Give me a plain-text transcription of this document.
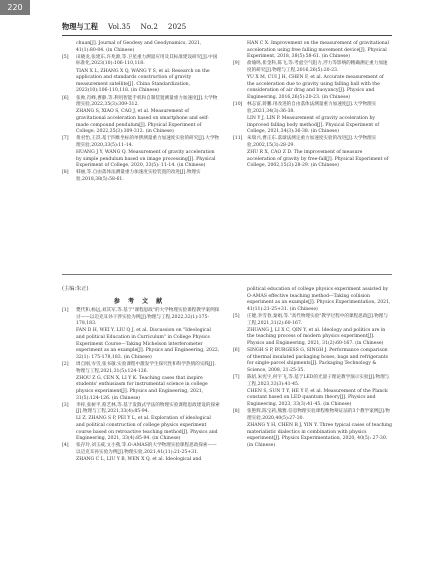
220
物理与工程 Vol.35 No.2 2025
chuan[J]. Journal of Geodesy and Geodynamics, 2021, 41(1):80-84. (in Chinese)
[5]	田晓龙,张建东,许兆源,等.卫星重力测量应用及其标准建设研究[J].中国标准化,2023(10):106-110,118.
TIAN X L, ZHANG X Q, WANG Y S, et al. Research on the application and standards construction of gravity measurement satellite[J]. China Standardization, 2023(10):106-110,118. (in Chinese)
[6]	张帅,肖峰,曹静,等.利用智能手机和自制装置测量重力加速度[J].大学物理实验,2022,35(3):309-312.
ZHANG S, XIAO S, CAO J, et al. Measurement of gravitational acceleration based on smartphone and self-made compound pendulum[J]. Physical Experiment of College, 2022,35(3):309-312. (in Chinese)
[7]	黄君怡,王淇.基于四维坐标的单摆测量重力加速度实验的研究[J].大学物理实验,2020,33(5):11-14.
HUANG J Y, WANG Q. Measurement of gravity acceleration by simple pendulum based on image processing[J]. Physical Experiment of College, 2020, 33(5): 11-14. (in Chinese)
[8]	韩丽,等.自由落体法测量重力加速度实验装置的改进[J].物理实验,2018,38(5):58-61.
HAN C X. Improvement on the measurement of gravitational acceleration using free falling movement device[J]. Physical Experiment, 2018, 38(5):58-61. (in Chinese)
[9]	俞瑜鸣,崔金科,陈飞,等.考虑空气阻力,浮力等影响的精确测定重力加速度的研究[J].物理与工程,2016,26(5):20-23.
YU X M, CUI J H, CHEN F, et al. Accurate measurement of the acceleration due to gravity using falling ball with the consideration of air drag and buoyancy[J]. Physics and Engineering, 2016,26(5):20-23. (in Chinese)
[10] 林志富,蒋鹏.用改进的自由落体法测量重力加速度[J].大学物理实验,2021,34(3):36-38.
LIN Y J, LIN P. Measurement of gravity acceleration by improved falling body method[J]. Physical Experiment of College, 2021,34(3):36-38. (in Chinese)
[11] 朱瑞兴,曹正东.落球法测定重力加速度实验的改进[J].大学物理实验,2002,15(3):28-29.
ZHU R X, CAO Z D. The improvement of measure acceleration of gravity by free-fall[J]. Physical Experiment of College, 2002,15(3):28-29. (in Chinese)
(主编:朱正)
参 考 文 献
[1]	樊代和,杨远,刘其军,等.基于"课程思政"的大学物理实验课程教学案例探讨——以迈克耳孙干涉实验为例[J].物理与工程,2022,32(1):175-178,183.
FAN D H, WEI Y, LIU Q J, et al. Discussion on "Ideological and political Education in Curriculum" in College Physics Experiment Course—Taking Michelson interferometer experiment as an example[J]. Physics and Engineering, 2022, 32(1): 175-178,183. (in Chinese)
[2]	周自刚,岑雪,张书敏.实验课程中激发学生探究性和科学热情的实践[J].物理与工程,2021,31(5):124-126.
ZHOU Z G, CEN X, LI Y K. Teaching cases that inspire students' enthusiasm for instrumental science in college physics experiment[J]. Physics and Engineering, 2021, 31(5):124-126. (in Chinese)
[3]	李梓,张树平,蔡艺林,等.基于发散式学法的物理实验课程思政建设的探索[J].物理与工程,2021,33(4):85-94.
LI Z, ZHANG S P, PEI Y L, et al. Exploration of ideological and political construction of college physics experiment course based on retroactive teaching method[J]. Physics and Engineering, 2021, 33(4):85-94. (in Chinese)
[4]	张存玲,刘玉威,文小燕,等.O-AMAS的大学物理实验课程思政探索——以迈克耳孙实验为例[J].物理实验,2021,41(11):21-25+31.
ZHANG C L, LIU Y B, WEN X Q, et al. Ideological and
political education of college physics experiment assisted by O-AMAS effective teaching method—Taking collision experiment as an example[J]. Physics Experimentation, 2021, 41(11):21-25+31. (in Chinese)
[5]	庄婕,李雪春,秦娟,等."高代物理实验"教学过程中的课程思政[J].物理与工程,2021,31(2):60-167.
ZHUANG J, LI X C, QIN Y, et al. Ideology and politics are in the teaching process of modern physics experiment[J]. Physics and Engineering, 2021, 31(2):60-167. (in Chinese)
[6]	SINGH S P, BURGESS G, SINGH J. Performance comparison of thermal insulated packaging boxes, bags and refrigerants for single-parcel shipments[J]. Packaging Technology & Science, 2008, 21:25-35.
[7]	陈绍,朱宪宇,何宇飞,等.基于LED的光量子理论教学演示实验[J].物理与工程,2023,33(3):41-45.
CHEN S, SUN T Y, HE Y F, et al. Measurement of the Planck constant based on LED quantum theory[J]. Physics and Engineering, 2023, 33(3):41-45. (in Chinese)
[8]	张艳辉,陈宝莉,熊雅.信息物理实验课程唯物辩证法的3个教学案例[J].物理实验,2020,40(5):27-30.
ZHANG Y H, CHEN B J, YIN Y. Three typical cases of teaching materialistic dialectics in combination with physics experiment[J]. Physics Experimentation, 2020, 40(5): 27-30. (in Chinese)
